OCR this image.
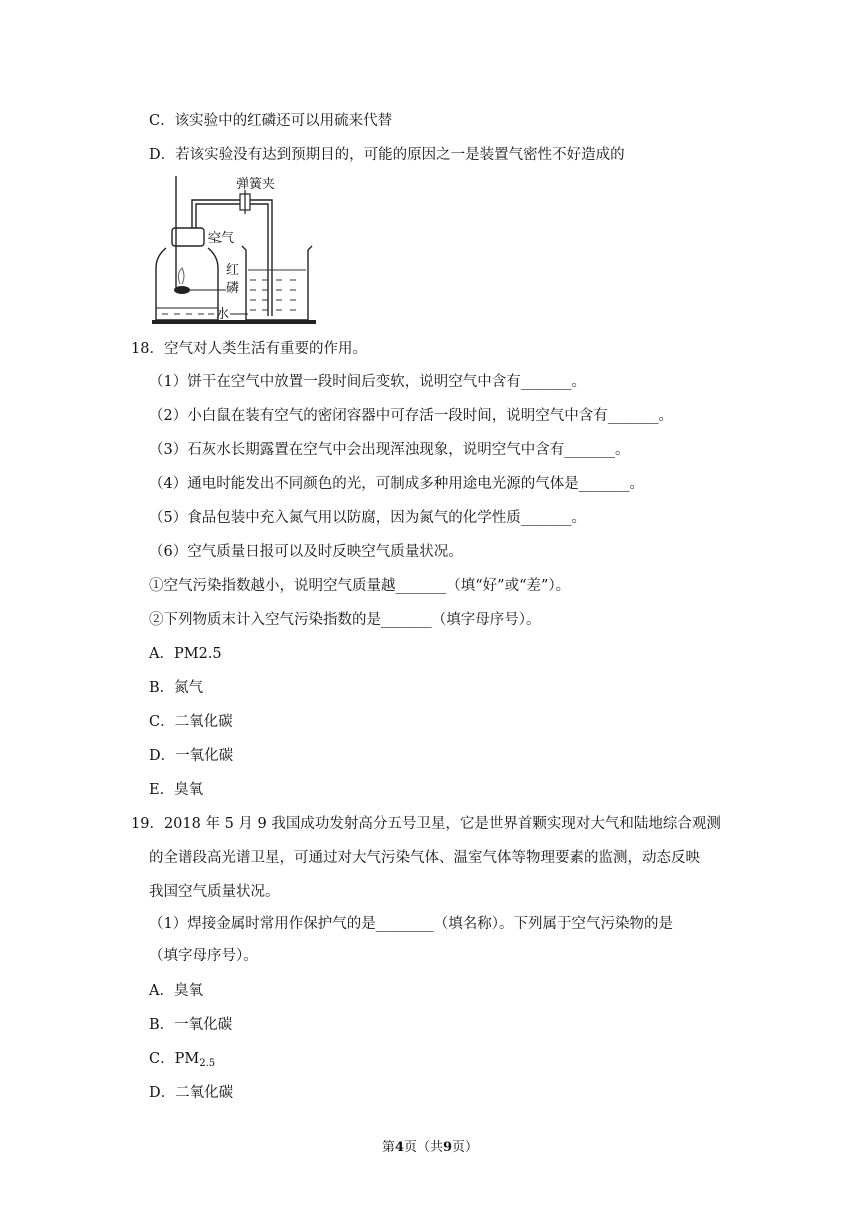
C．该实验中的红磷还可以用硫来代替
D．若该实验没有达到预期目的，可能的原因之一是装置气密性不好造成的
弹簧夹
空气
红
磷
水
18．空气对人类生活有重要的作用。
（1）饼干在空气中放置一段时间后变软，说明空气中含有_______。
（2）小白鼠在装有空气的密闭容器中可存活一段时间，说明空气中含有_______。
（3）石灰水长期露置在空气中会出现浑浊现象，说明空气中含有_______。
（4）通电时能发出不同颜色的光，可制成多种用途电光源的气体是_______。
（5）食品包装中充入氮气用以防腐，因为氮气的化学性质_______。
（6）空气质量日报可以及时反映空气质量状况。
①空气污染指数越小，说明空气质量越_______（填“好”或“差”）。
②下列物质末计入空气污染指数的是_______（填字母序号）。
A．PM2.5
B．氮气
C．二氧化碳
D．一氧化碳
E．臭氧
19．2018 年 5 月 9 我国成功发射高分五号卫星，它是世界首颗实现对大气和陆地综合观测
的全谱段高光谱卫星，可通过对大气污染气体、温室气体等物理要素的监测，动态反映
我国空气质量状况。
（1）焊接金属时常用作保护气的是________（填名称）。下列属于空气污染物的是
（填字母序号）。
A．臭氧
B．一氧化碳
C．$PM_{2.5}$
D．二氧化碳
第4页（共9页）
